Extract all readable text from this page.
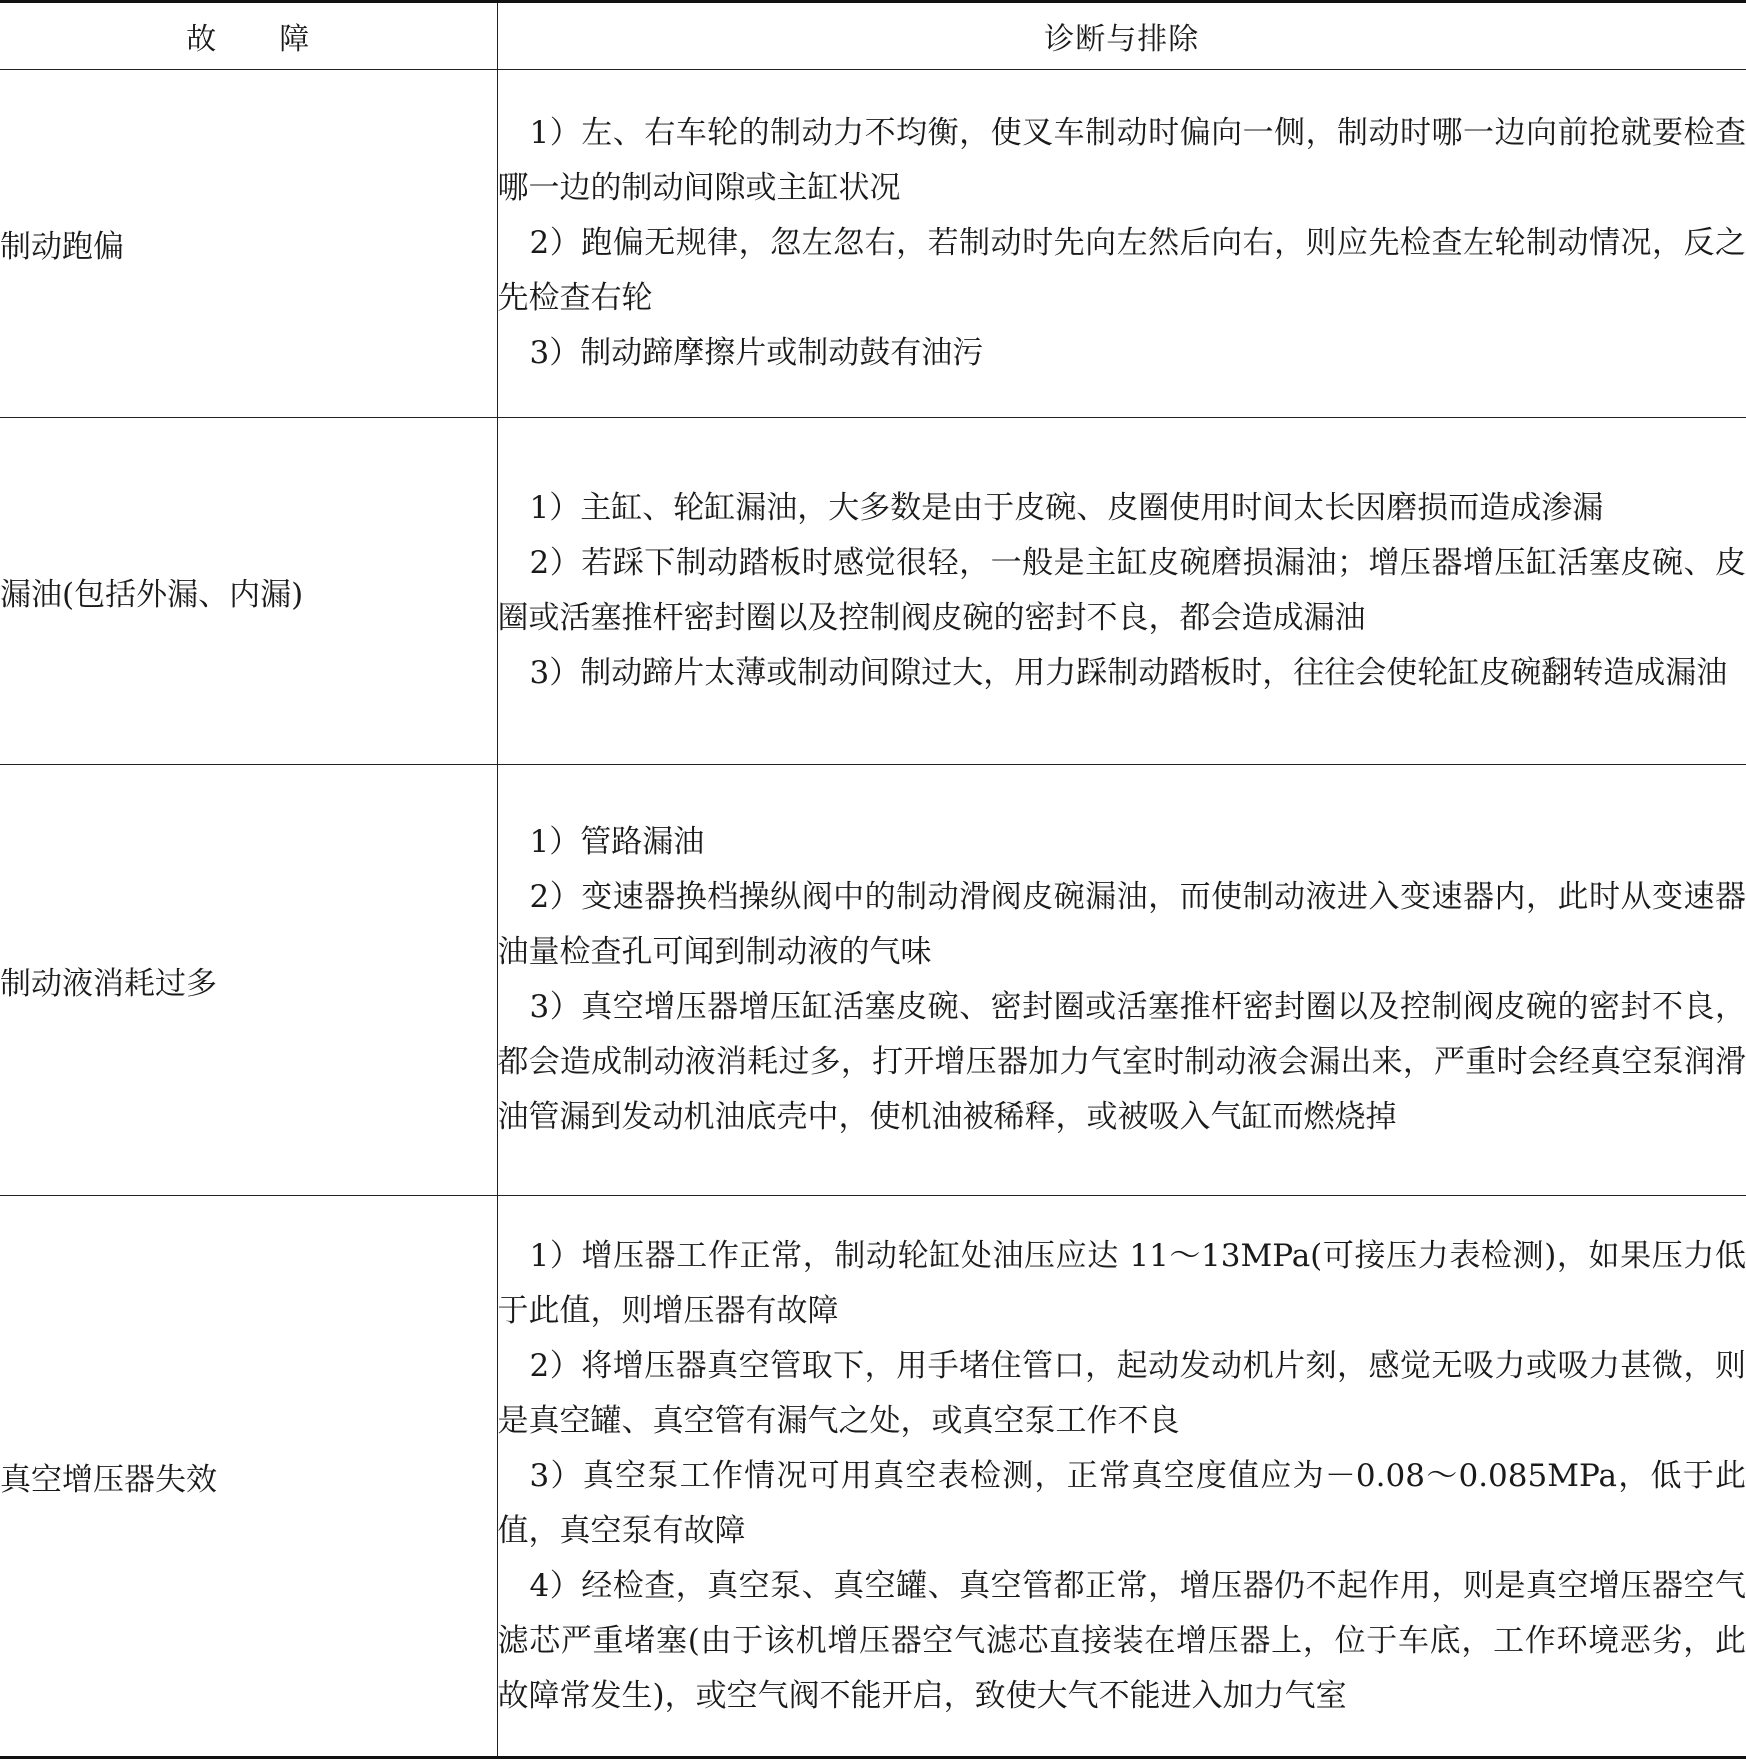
故　　障	诊断与排除
制动跑偏	1）左、右车轮的制动力不均衡，使叉车制动时偏向一侧，制动时哪一边向前抢就要检查哪一边的制动间隙或主缸状况

2）跑偏无规律，忽左忽右，若制动时先向左然后向右，则应先检查左轮制动情况，反之先检查右轮

3）制动蹄摩擦片或制动鼓有油污

漏油(包括外漏、内漏)	1）主缸、轮缸漏油，大多数是由于皮碗、皮圈使用时间太长因磨损而造成渗漏

2）若踩下制动踏板时感觉很轻，一般是主缸皮碗磨损漏油；增压器增压缸活塞皮碗、皮圈或活塞推杆密封圈以及控制阀皮碗的密封不良，都会造成漏油

3）制动蹄片太薄或制动间隙过大，用力踩制动踏板时，往往会使轮缸皮碗翻转造成漏油

制动液消耗过多	1）管路漏油

2）变速器换档操纵阀中的制动滑阀皮碗漏油，而使制动液进入变速器内，此时从变速器油量检查孔可闻到制动液的气味

3）真空增压器增压缸活塞皮碗、密封圈或活塞推杆密封圈以及控制阀皮碗的密封不良，都会造成制动液消耗过多，打开增压器加力气室时制动液会漏出来，严重时会经真空泵润滑油管漏到发动机油底壳中，使机油被稀释，或被吸入气缸而燃烧掉

真空增压器失效	1）增压器工作正常，制动轮缸处油压应达 11～13MPa(可接压力表检测)，如果压力低于此值，则增压器有故障

2）将增压器真空管取下，用手堵住管口，起动发动机片刻，感觉无吸力或吸力甚微，则是真空罐、真空管有漏气之处，或真空泵工作不良

3）真空泵工作情况可用真空表检测，正常真空度值应为－0.08～0.085MPa，低于此值，真空泵有故障

4）经检查，真空泵、真空罐、真空管都正常，增压器仍不起作用，则是真空增压器空气滤芯严重堵塞(由于该机增压器空气滤芯直接装在增压器上，位于车底，工作环境恶劣，此故障常发生)，或空气阀不能开启，致使大气不能进入加力气室
